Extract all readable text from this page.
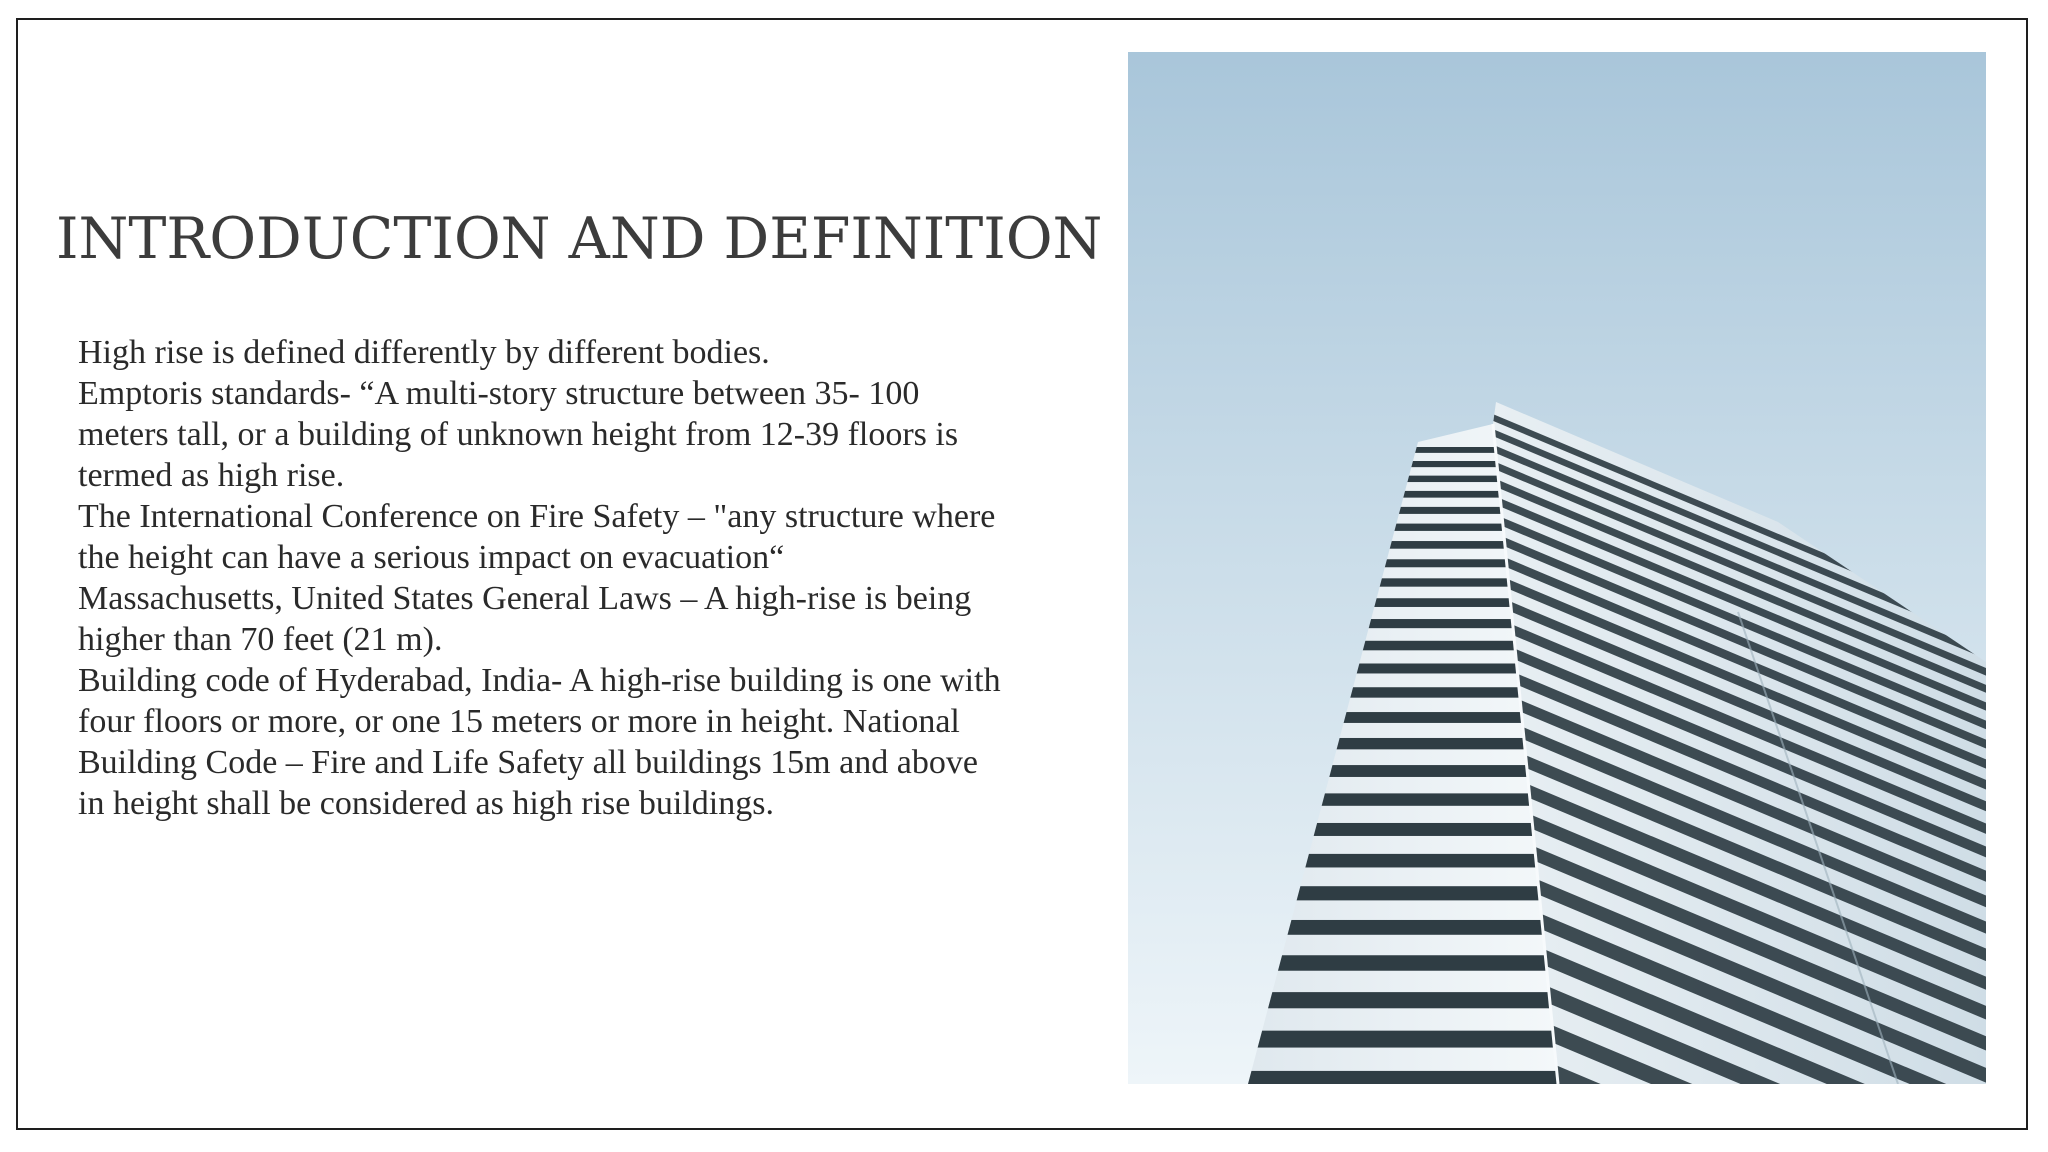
INTRODUCTION AND DEFINITION

High rise is defined differently by different bodies.

Emptoris standards- “A multi-story structure between 35- 100 meters tall, or a building of unknown height from 12-39 floors is termed as high rise.

The International Conference on Fire Safety – "any structure where the height can have a serious impact on evacuation“

Massachusetts, United States General Laws – A high-rise is being higher than 70 feet (21 m).

Building code of Hyderabad, India- A high-rise building is one with four floors or more, or one 15 meters or more in height. National Building Code – Fire and Life Safety all buildings 15m and above in height shall be considered as high rise buildings.
